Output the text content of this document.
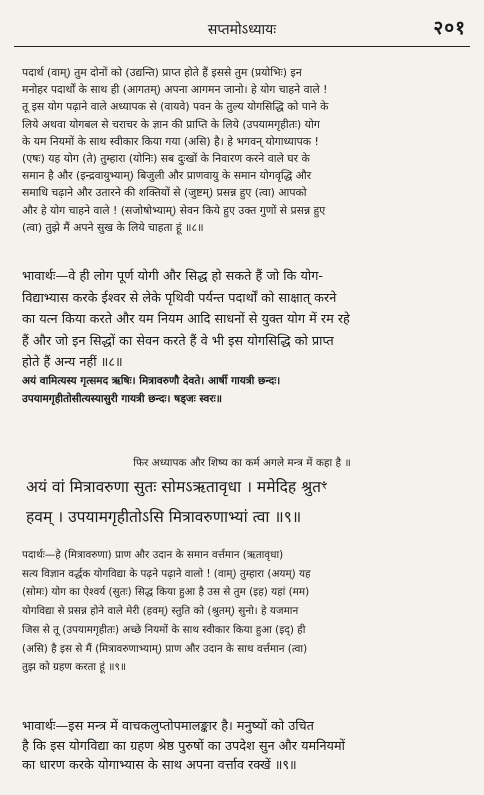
सप्तमोऽध्यायः	२०१
पदार्थ (वाम्) तुम दोनों को (उद्यन्ति) प्राप्त होते हैं इससे तुम (प्रयोभिः) इन
मनोहर पदार्थों के साथ ही (आगतम्) अपना आगमन जानो। हे योग चाहने वाले !
तू इस योग पढ़ाने वाले अध्यापक से (वायवे) पवन के तुल्य योगसिद्धि को पाने के
लिये अथवा योगबल से चराचर के ज्ञान की प्राप्ति के लिये (उपयामगृहीतः) योग
के यम नियमों के साथ स्वीकार किया गया (असि) है। हे भगवन् योगाध्यापक !
(एषः) यह योग (ते) तुम्हारा (योनिः) सब दुःखों के निवारण करने वाले घर के
समान है और (इन्द्रवायुभ्याम्) बिजुली और प्राणवायु के समान योगवृद्धि और
समाधि चढ़ाने और उतारने की शक्तियों से (जुष्टम्) प्रसन्न हुए (त्वा) आपको
और हे योग चाहने वाले ! (सजोषोभ्याम्) सेवन किये हुए उक्त गुणों से प्रसन्न हुए
(त्वा) तुझे मैं अपने सुख के लिये चाहता हूं ॥८॥
भावार्थः—वे ही लोग पूर्ण योगी और सिद्ध हो सकते हैं जो कि योग-
विद्याभ्यास करके ईश्वर से लेके पृथिवी पर्यन्त पदार्थों को साक्षात् करने
का यत्न किया करते और यम नियम आदि साधनों से युक्त योग में रम रहे
हैं और जो इन सिद्धों का सेवन करते हैं वे भी इस योगसिद्धि को प्राप्त
होते हैं अन्य नहीं ॥८॥
अयं वामित्यस्य गृत्समद ऋषिः। मित्रावरुणौ देवते। आर्षी गायत्री छन्दः।
उपयामगृहीतोसीत्यस्यासुरी गायत्री छन्दः। षड्जः स्वरः॥
फिर अध्यापक और शिष्य का कर्म अगले मन्त्र में कहा है ॥
अयं वां मित्रावरुणा सुतः सोमऽऋतावृधा । ममेदिह श्रुतꣳ
हवम् । उपयामगृहीतोऽसि मित्रावरुणाभ्यां त्वा ॥९॥
पदार्थः—हे (मित्रावरुणा) प्राण और उदान के समान वर्त्तमान (ऋतावृधा)
सत्य विज्ञान वर्द्धक योगविद्या के पढ़ने पढ़ाने वालो ! (वाम्) तुम्हारा (अयम्) यह
(सोमः) योग का ऐश्वर्य (सुतः) सिद्ध किया हुआ है उस से तुम (इह) यहां (मम)
योगविद्या से प्रसन्न होने वाले मेरी (हवम्) स्तुति को (श्रुतम्) सुनो। हे यजमान
जिस से तू (उपयामगृहीतः) अच्छे नियमों के साथ स्वीकार किया हुआ (इद्) ही
(असि) है इस से मैं (मित्रावरुणाभ्याम्) प्राण और उदान के साथ वर्त्तमान (त्वा)
तुझ को ग्रहण करता हूं ॥९॥
भावार्थः—इस मन्त्र में वाचकलुप्तोपमालङ्कार है। मनुष्यों को उचित
है कि इस योगविद्या का ग्रहण श्रेष्ठ पुरुषों का उपदेश सुन और यमनियमों
का धारण करके योगाभ्यास के साथ अपना वर्त्ताव रक्खें ॥९॥
